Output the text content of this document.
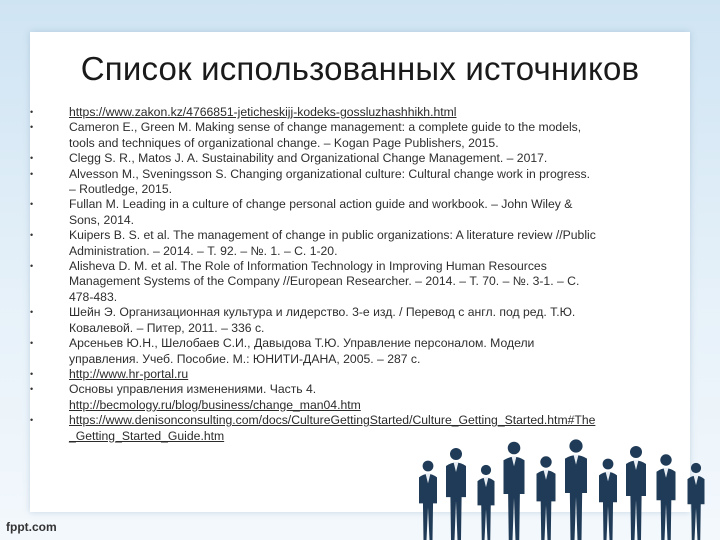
Список использованных источников
•	https://www.zakon.kz/4766851-jeticheskijj-kodeks-gossluzhashhikh.html
•	Cameron E., Green M. Making sense of change management: a complete guide to the models,
tools and techniques of organizational change. – Kogan Page Publishers, 2015.
•	Clegg S. R., Matos J. A. Sustainability and Organizational Change Management. – 2017.
•	Alvesson M., Sveningsson S. Changing organizational culture: Cultural change work in progress.
– Routledge, 2015.
•	Fullan M. Leading in a culture of change personal action guide and workbook. – John Wiley &
Sons, 2014.
•	Kuipers B. S. et al. The management of change in public organizations: A literature review //Public
Administration. – 2014. – Т. 92. – №. 1. – С. 1-20.
•	Alisheva D. M. et al. The Role of Information Technology in Improving Human Resources
Management Systems of the Company //European Researcher. – 2014. – Т. 70. – №. 3-1. – С.
478-483.
•	Шейн Э. Организационная культура и лидерство. 3-е изд. / Перевод с англ. под ред. Т.Ю.
Ковалевой. – Питер, 2011. – 336 с.
•	Арсеньев Ю.Н., Шелобаев С.И., Давыдова Т.Ю. Управление персоналом. Модели
управления. Учеб. Пособие. М.: ЮНИТИ-ДАНА, 2005. – 287 с.
•	http://www.hr-portal.ru
•	Основы управления изменениями. Часть 4.
http://becmology.ru/blog/business/change_man04.htm
•	https://www.denisonconsulting.com/docs/CultureGettingStarted/Culture_Getting_Started.htm#The
_Getting_Started_Guide.htm
fppt.com
